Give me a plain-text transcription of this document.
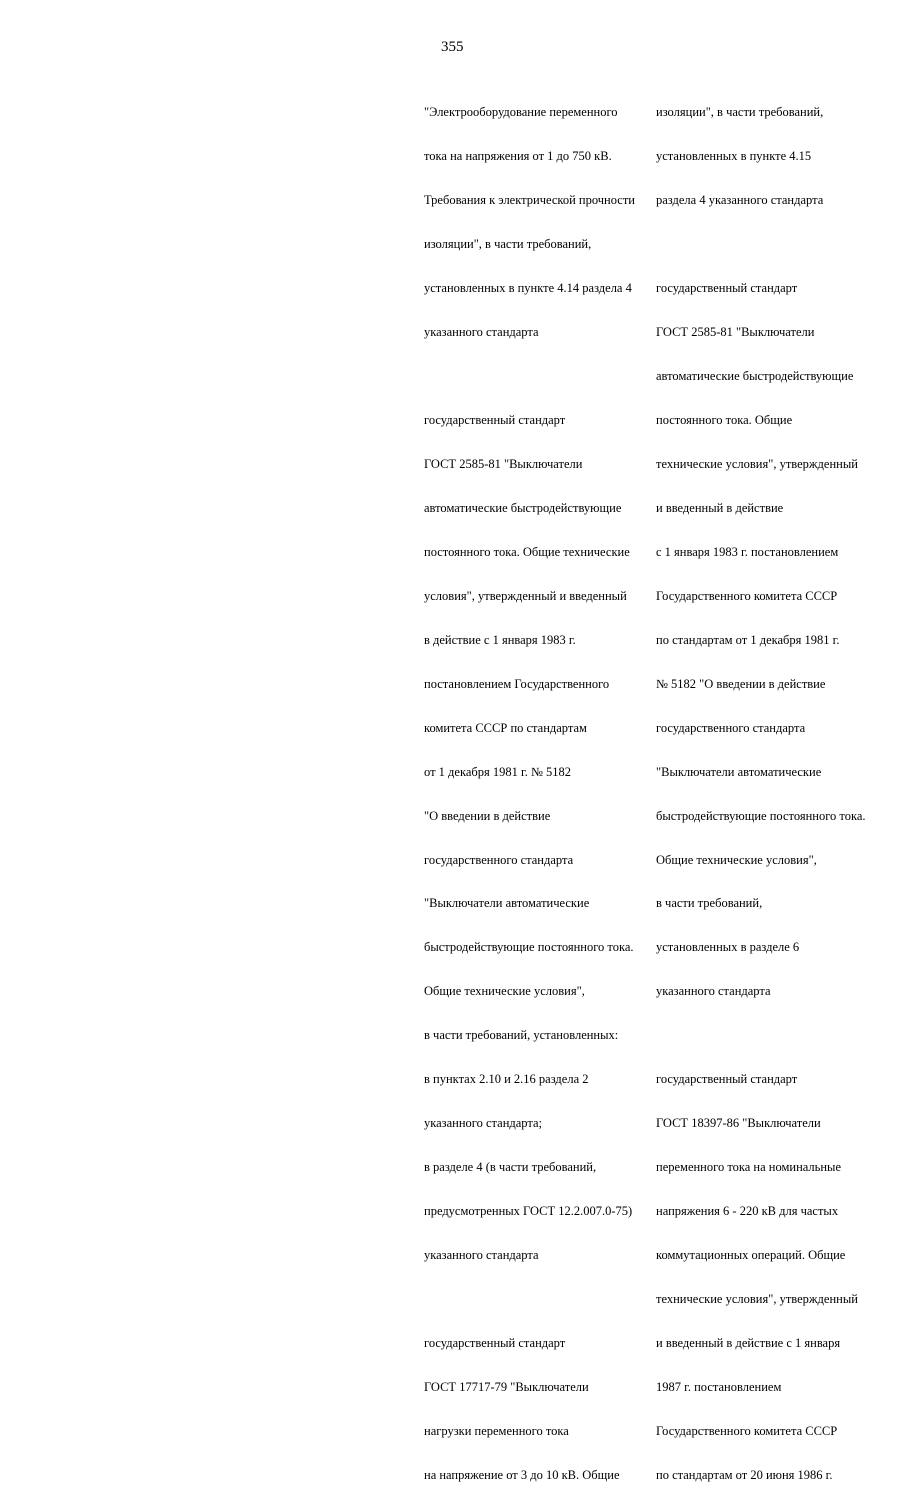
355

"Электрооборудование переменного

тока на напряжения от 1 до 750 кВ.

Требования к электрической прочности

изоляции", в части требований,

установленных в пункте 4.14 раздела 4

указанного стандарта

государственный стандарт

ГОСТ 2585-81 "Выключатели

автоматические быстродействующие

постоянного тока. Общие технические

условия", утвержденный и введенный

в действие с 1 января 1983 г.

постановлением Государственного

комитета СССР по стандартам

от 1 декабря 1981 г. № 5182

"О введении в действие

государственного стандарта

"Выключатели автоматические

быстродействующие постоянного тока.

Общие технические условия",

в части требований, установленных:

в пунктах 2.10 и 2.16 раздела 2

указанного стандарта;

в разделе 4 (в части требований,

предусмотренных ГОСТ 12.2.007.0-75)

указанного стандарта

государственный стандарт

ГОСТ 17717-79 "Выключатели

нагрузки переменного тока

на напряжение от 3 до 10 кВ. Общие

изоляции", в части требований,

установленных в пункте 4.15

раздела 4 указанного стандарта

государственный стандарт

ГОСТ 2585-81 "Выключатели

автоматические быстродействующие

постоянного тока. Общие

технические условия", утвержденный

и введенный в действие

с 1 января 1983 г. постановлением

Государственного комитета СССР

по стандартам от 1 декабря 1981 г.

№ 5182 "О введении в действие

государственного стандарта

"Выключатели автоматические

быстродействующие постоянного тока.

Общие технические условия",

в части требований,

установленных в разделе 6

указанного стандарта

государственный стандарт

ГОСТ 18397-86 "Выключатели

переменного тока на номинальные

напряжения 6 - 220 кВ для частых

коммутационных операций. Общие

технические условия", утвержденный

и введенный в действие с 1 января

1987 г. постановлением

Государственного комитета СССР

по стандартам от 20 июня 1986 г.
